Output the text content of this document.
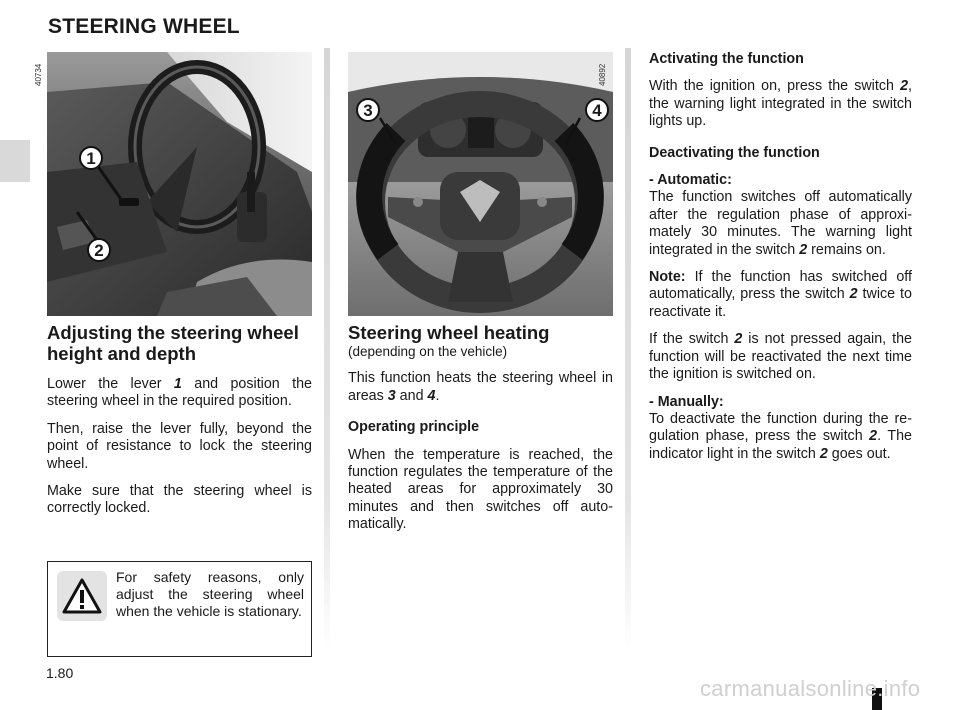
STEERING WHEEL
1
2
40734
3	4
40892
Adjusting the steering wheel height and depth

Lower the lever 1 and position the steering wheel in the required position.

Then, raise the lever fully, beyond the point of resistance to lock the steering wheel.

Make sure that the steering wheel is correctly locked.

For safety reasons, only adjust the steering wheel when the vehicle is stationary.
Steering wheel heating
(depending on the vehicle)

This function heats the steering wheel in areas 3 and 4.

Operating principle

When the temperature is reached, the function regulates the temperature of the heated areas for approximately 30 minutes and then switches off automatically.

Activating the function

With the ignition on, press the switch 2, the warning light integrated in the switch lights up.

Deactivating the function
- Automatic:

The function switches off automatically after the regulation phase of approximately 30 minutes. The warning light integrated in the switch 2 remains on.

Note: If the function has switched off automatically, press the switch 2 twice to reactivate it.

If the switch 2 is not pressed again, the function will be reactivated the next time the ignition is switched on.

- Manually:

To deactivate the function during the regulation phase, press the switch 2. The indicator light in the switch 2 goes out.

1.80
carmanualsonline.info
